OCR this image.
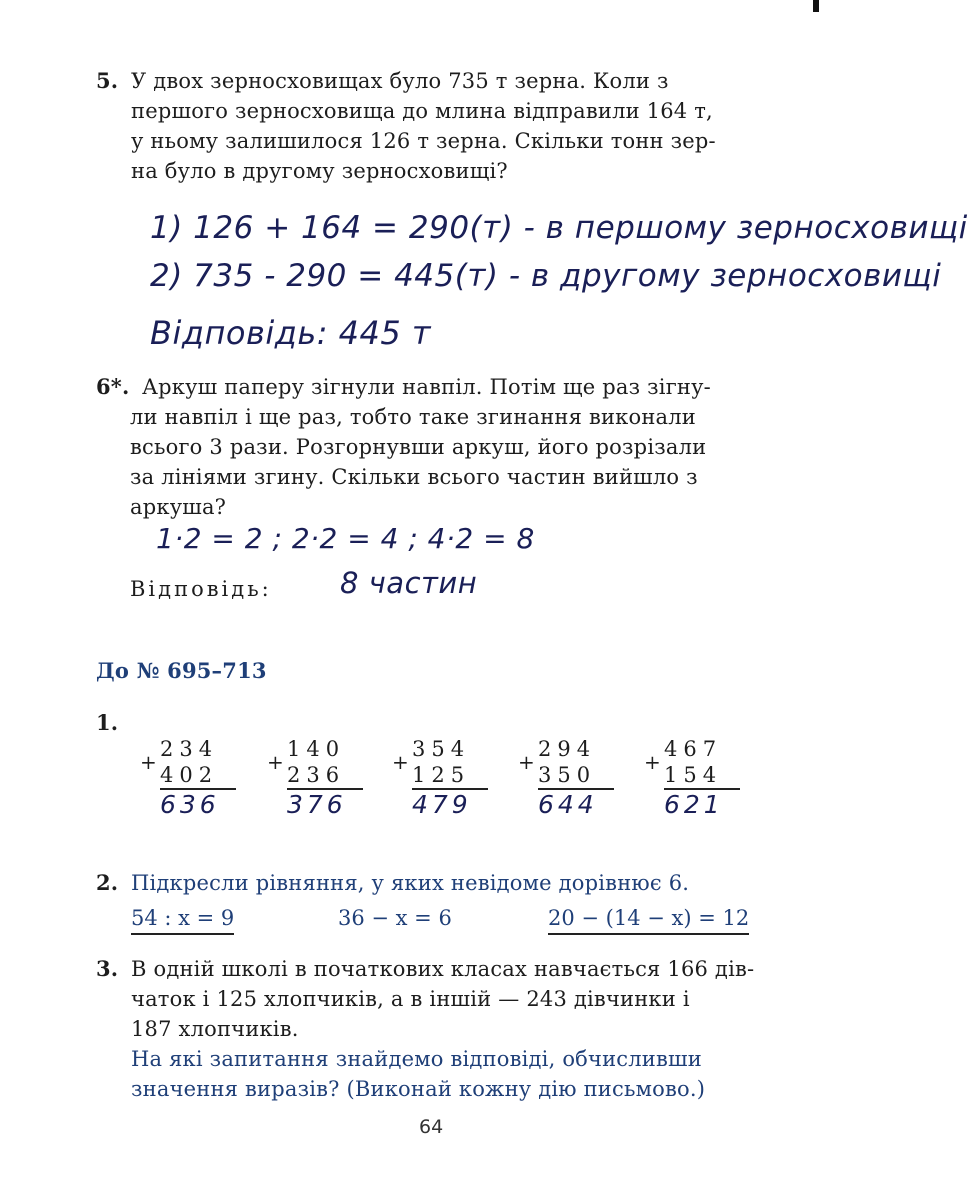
5. У двох зерносховищах було 735 т зерна. Коли з
першого зерносховища до млина відправили 164 т,
у ньому залишилося 126 т зерна. Скільки тонн зер-
на було в другому зерносховищі?
1) 126 + 164 = 290(т) - в першому зерносховищі
2) 735 - 290 = 445(т) - в другому зерносховищі
Відповідь: 445 т
6*. Аркуш паперу зігнули навпіл. Потім ще раз зігну-
ли навпіл і ще раз, тобто таке згинання виконали
всього 3 рази. Розгорнувши аркуш, його розрізали
за лініями згину. Скільки всього частин вийшло з
аркуша?
1·2 = 2 ; 2·2 = 4 ; 4·2 = 8
Відповідь: 8 частин
До № 695–713
1.
+
234
402
636
+
140
236
376
+
354
125
479
+
294
350
644
+
467
154
621
2. Підкресли рівняння, у яких невідоме дорівнює 6.
54 : x = 9	36 − x = 6	20 − (14 − x) = 12
3. В одній школі в початкових класах навчається 166 дів-
чаток і 125 хлопчиків, а в іншій — 243 дівчинки і
187 хлопчиків.
На які запитання знайдемо відповіді, обчисливши
значення виразів? (Виконай кожну дію письмово.)
64
